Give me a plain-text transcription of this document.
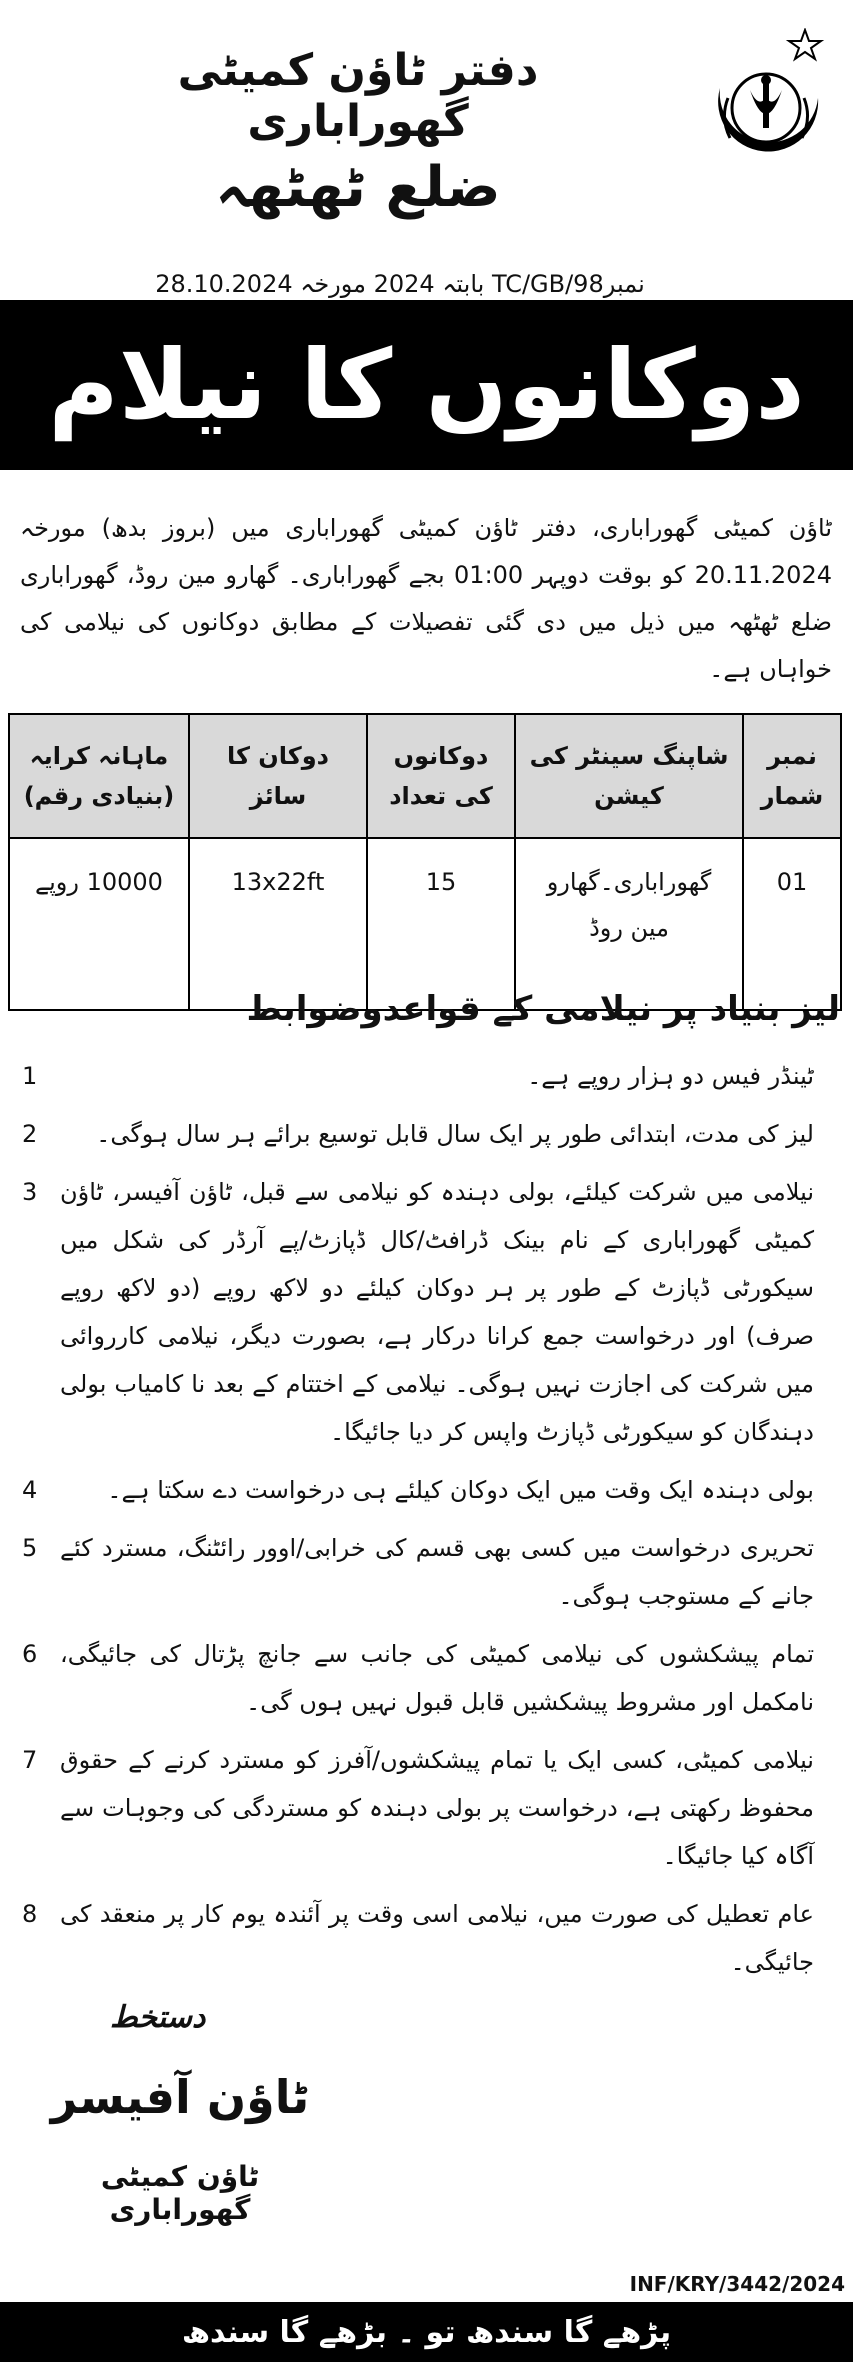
دفتر ٹاؤن کمیٹی گھوراباری
ضلع ٹھٹھہ
نمبرTC/GB/98 بابتہ 2024 مورخہ 28.10.2024
دوکانوں کا نیلام
ٹاؤن کمیٹی گھوراباری، دفتر ٹاؤن کمیٹی گھوراباری میں (بروز بدھ) مورخہ 20.11.2024 کو بوقت دوپہر 01:00 بجے گھوراباری۔ گھارو مین روڈ، گھوراباری ضلع ٹھٹھہ میں ذیل میں دی گئی تفصیلات کے مطابق دوکانوں کی نیلامی کی خواہاں ہے۔
نمبر شمار	شاپنگ سینٹر کی کیشن	دوکانوں کی تعداد	دوکان کا سائز	ماہانہ کرایہ (بنیادی رقم)
01	گھوراباری۔گھارو مین روڈ	15	13x22ft	10000 روپے
لیز بنیاد پر نیلامی کے قواعدوضوابط
ٹینڈر فیس دو ہزار روپے ہے۔
1
لیز کی مدت، ابتدائی طور پر ایک سال قابل توسیع برائے ہر سال ہوگی۔
2
نیلامی میں شرکت کیلئے، بولی دہندہ کو نیلامی سے قبل، ٹاؤن آفیسر، ٹاؤن کمیٹی گھوراباری کے نام بینک ڈرافٹ/کال ڈپازٹ/پے آرڈر کی شکل میں سیکورٹی ڈپازٹ کے طور پر ہر دوکان کیلئے دو لاکھ روپے (دو لاکھ روپے صرف) اور درخواست جمع کرانا درکار ہے، بصورت دیگر، نیلامی کارروائی میں شرکت کی اجازت نہیں ہوگی۔ نیلامی کے اختتام کے بعد نا کامیاب بولی دہندگان کو سیکورٹی ڈپازٹ واپس کر دیا جائیگا۔
3
بولی دہندہ ایک وقت میں ایک دوکان کیلئے ہی درخواست دے سکتا ہے۔
4
تحریری درخواست میں کسی بھی قسم کی خرابی/اوور رائٹنگ، مسترد کئے جانے کے مستوجب ہوگی۔
5
تمام پیشکشوں کی نیلامی کمیٹی کی جانب سے جانچ پڑتال کی جائیگی، نامکمل اور مشروط پیشکشیں قابل قبول نہیں ہوں گی۔
6
نیلامی کمیٹی، کسی ایک یا تمام پیشکشوں/آفرز کو مسترد کرنے کے حقوق محفوظ رکھتی ہے، درخواست پر بولی دہندہ کو مستردگی کی وجوہات سے آگاہ کیا جائیگا۔
7
عام تعطیل کی صورت میں، نیلامی اسی وقت پر آئندہ یوم کار پر منعقد کی جائیگی۔
8
دستخط
ٹاؤن آفیسر
ٹاؤن کمیٹی گھوراباری
INF/KRY/3442/2024
پڑھے گا سندھ تو ۔ بڑھے گا سندھ
